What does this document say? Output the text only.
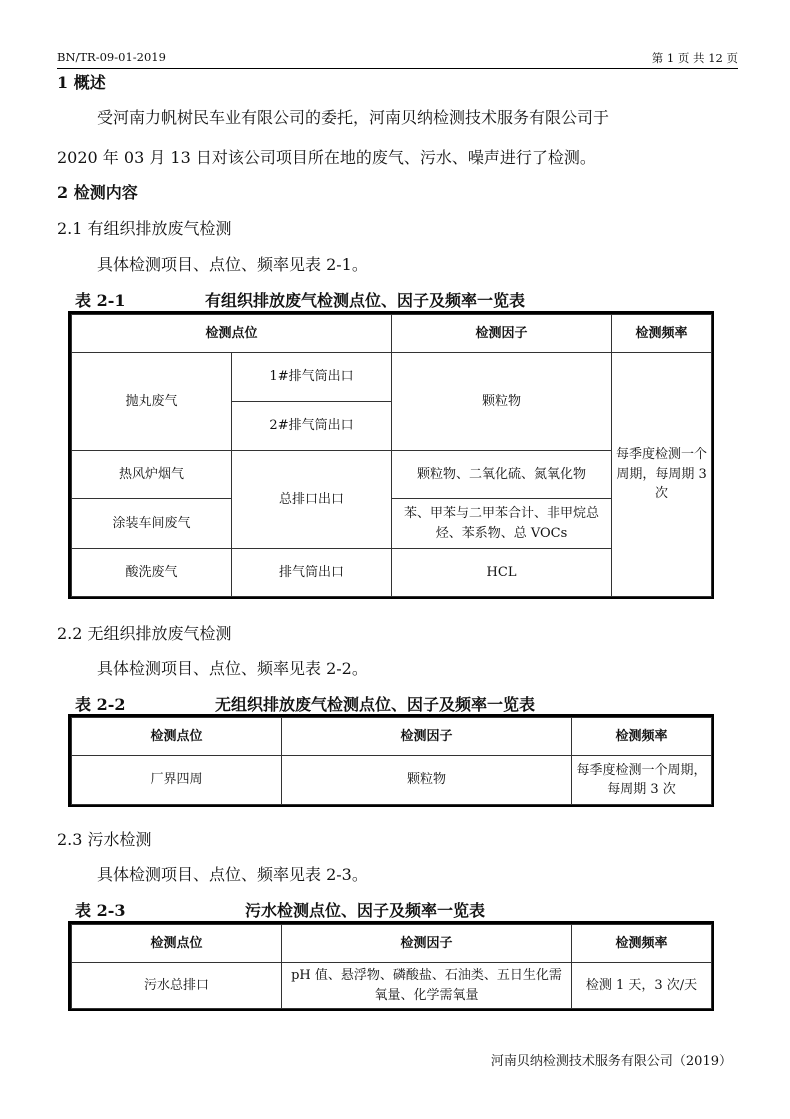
BN/TR-09-01-2019	第 1 页 共 12 页
1 概述
受河南力帆树民车业有限公司的委托，河南贝纳检测技术服务有限公司于
2020 年 03 月 13 日对该公司项目所在地的废气、污水、噪声进行了检测。
2 检测内容
2.1 有组织排放废气检测
具体检测项目、点位、频率见表 2-1。
表 2-1	有组织排放废气检测点位、因子及频率一览表
检测点位		检测因子	检测频率
抛丸废气	1#排气筒出口	颗粒物	每季度检测一个周期，每周期 3 次
	2#排气筒出口		
热风炉烟气	总排口出口	颗粒物、二氧化硫、氮氧化物	
涂装车间废气		苯、甲苯与二甲苯合计、非甲烷总烃、苯系物、总 VOCs	
酸洗废气	排气筒出口	HCL	
2.2 无组织排放废气检测
具体检测项目、点位、频率见表 2-2。
表 2-2	无组织排放废气检测点位、因子及频率一览表
检测点位	检测因子	检测频率
厂界四周	颗粒物	每季度检测一个周期，每周期 3 次
2.3 污水检测
具体检测项目、点位、频率见表 2-3。
表 2-3	污水检测点位、因子及频率一览表
检测点位	检测因子	检测频率
污水总排口	pH 值、悬浮物、磷酸盐、石油类、五日生化需氧量、化学需氧量	检测 1 天，3 次/天
河南贝纳检测技术服务有限公司（2019）
